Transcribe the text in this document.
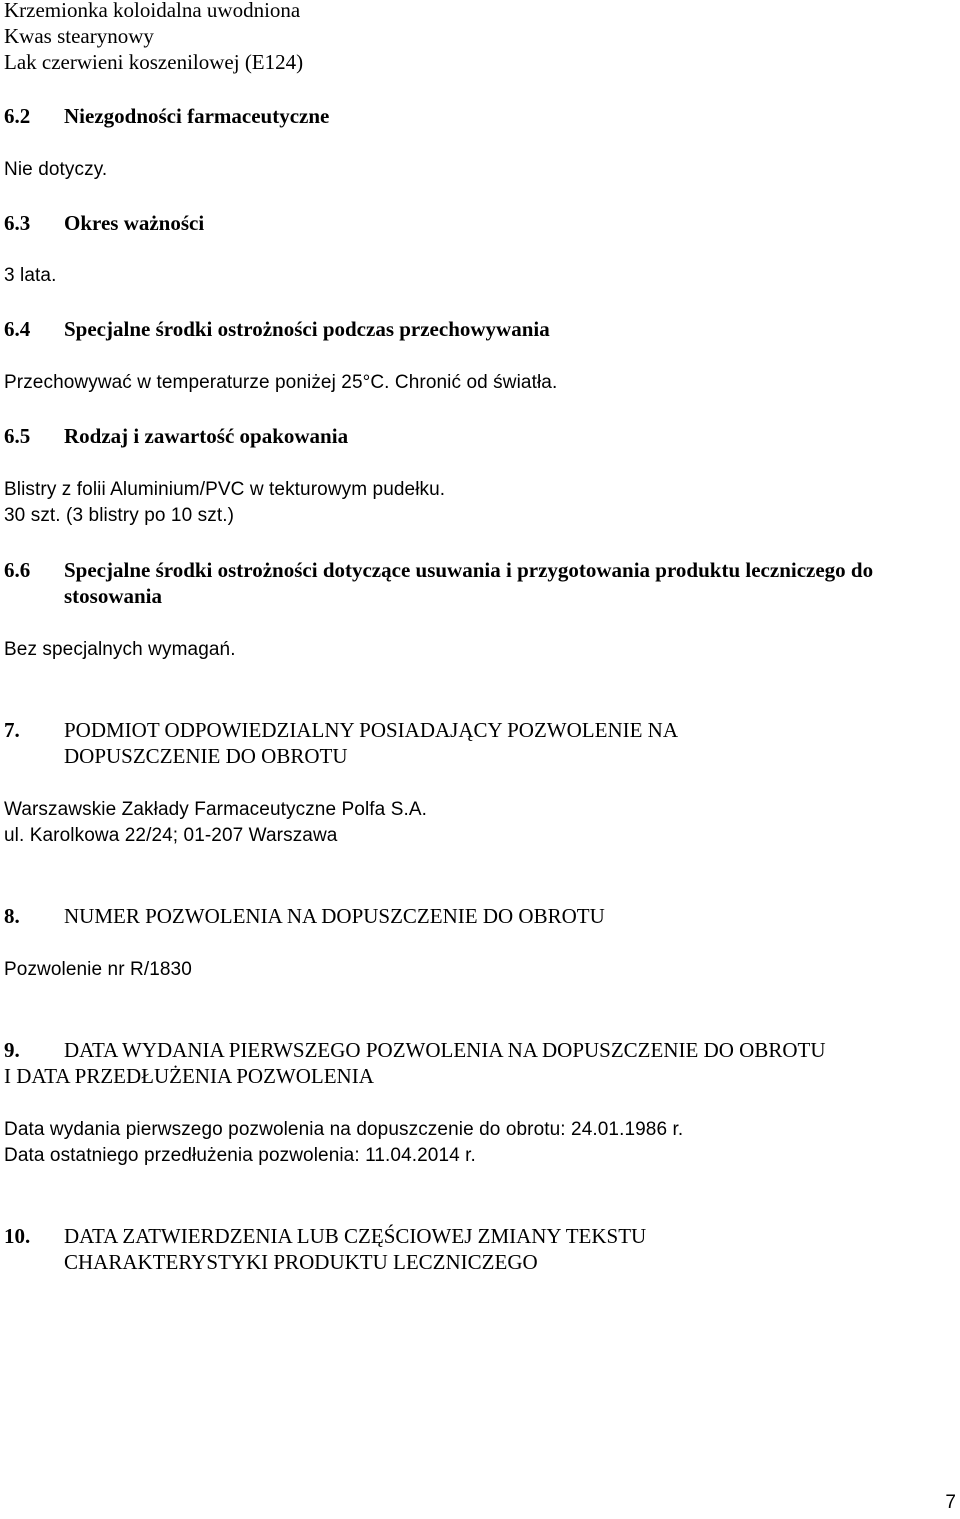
Krzemionka koloidalna uwodniona
Kwas stearynowy
Lak czerwieni koszenilowej (E124)
6.2 Niezgodności farmaceutyczne
Nie dotyczy.
6.3 Okres ważności
3 lata.
6.4 Specjalne środki ostrożności podczas przechowywania
Przechowywać w temperaturze poniżej 25°C. Chronić od światła.
6.5 Rodzaj i zawartość opakowania
Blistry z folii Aluminium/PVC w tekturowym pudełku.
30 szt. (3 blistry po 10 szt.)
6.6 Specjalne środki ostrożności dotyczące usuwania i przygotowania produktu leczniczego do
stosowania
Bez specjalnych wymagań.
7. PODMIOT ODPOWIEDZIALNY POSIADAJĄCY POZWOLENIE NA
DOPUSZCZENIE DO OBROTU
Warszawskie Zakłady Farmaceutyczne Polfa S.A.
ul. Karolkowa 22/24; 01-207 Warszawa
8. NUMER POZWOLENIA NA DOPUSZCZENIE DO OBROTU
Pozwolenie nr R/1830
9. DATA WYDANIA PIERWSZEGO POZWOLENIA NA DOPUSZCZENIE DO OBROTU
I DATA PRZEDŁUŻENIA POZWOLENIA
Data wydania pierwszego pozwolenia na dopuszczenie do obrotu: 24.01.1986 r.
Data ostatniego przedłużenia pozwolenia: 11.04.2014 r.
10. DATA ZATWIERDZENIA LUB CZĘŚCIOWEJ ZMIANY TEKSTU
CHARAKTERYSTYKI PRODUKTU LECZNICZEGO
7
